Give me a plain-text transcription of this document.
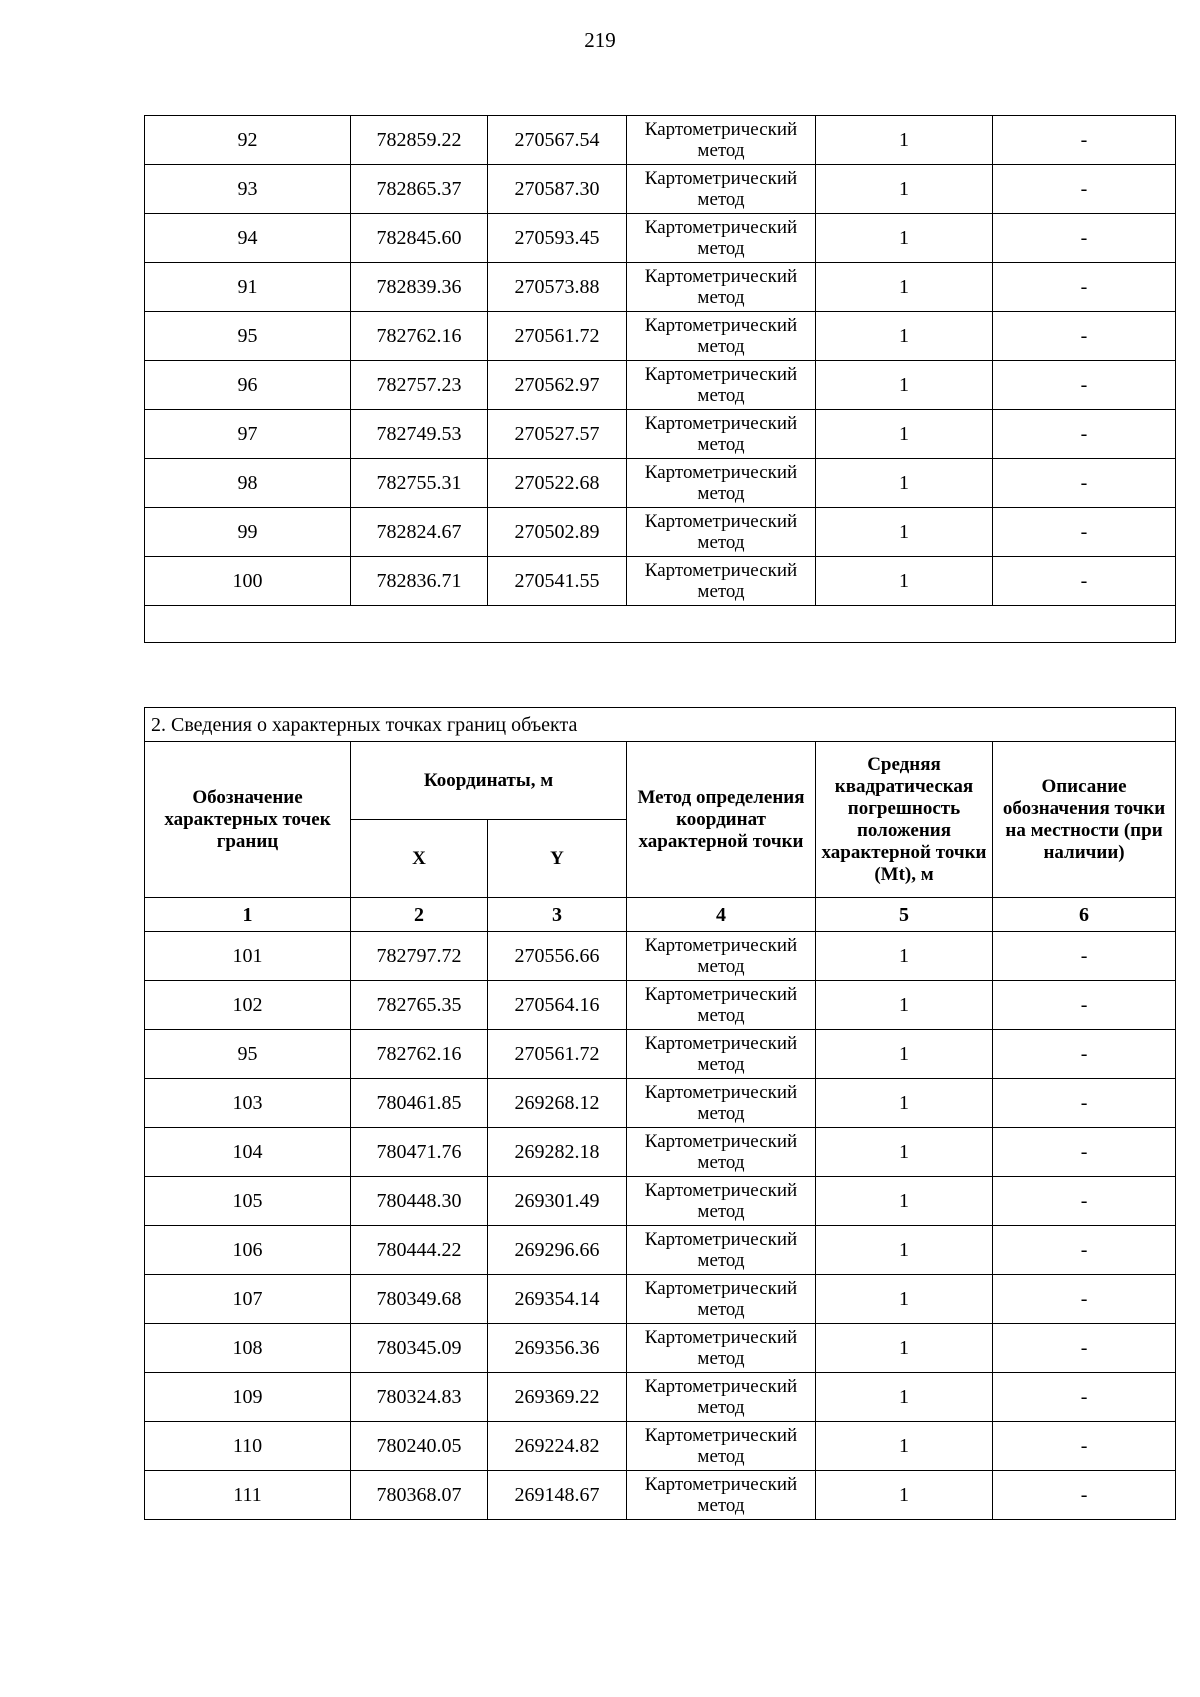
219
92	782859.22	270567.54	Картометрический метод	1	-
93	782865.37	270587.30	Картометрический метод	1	-
94	782845.60	270593.45	Картометрический метод	1	-
91	782839.36	270573.88	Картометрический метод	1	-
95	782762.16	270561.72	Картометрический метод	1	-
96	782757.23	270562.97	Картометрический метод	1	-
97	782749.53	270527.57	Картометрический метод	1	-
98	782755.31	270522.68	Картометрический метод	1	-
99	782824.67	270502.89	Картометрический метод	1	-
100	782836.71	270541.55	Картометрический метод	1	-

2. Сведения о характерных точках границ объекта					
Обозначение характерных точек границ	Координаты, м		Метод определения координат характерной точки	Средняя квадратическая погрешность положения характерной точки (Mt), м	Описание обозначения точки на местности (при наличии)
	X	Y			
1	2	3	4	5	6
101	782797.72	270556.66	Картометрический метод	1	-
102	782765.35	270564.16	Картометрический метод	1	-
95	782762.16	270561.72	Картометрический метод	1	-
103	780461.85	269268.12	Картометрический метод	1	-
104	780471.76	269282.18	Картометрический метод	1	-
105	780448.30	269301.49	Картометрический метод	1	-
106	780444.22	269296.66	Картометрический метод	1	-
107	780349.68	269354.14	Картометрический метод	1	-
108	780345.09	269356.36	Картометрический метод	1	-
109	780324.83	269369.22	Картометрический метод	1	-
110	780240.05	269224.82	Картометрический метод	1	-
111	780368.07	269148.67	Картометрический метод	1	-
